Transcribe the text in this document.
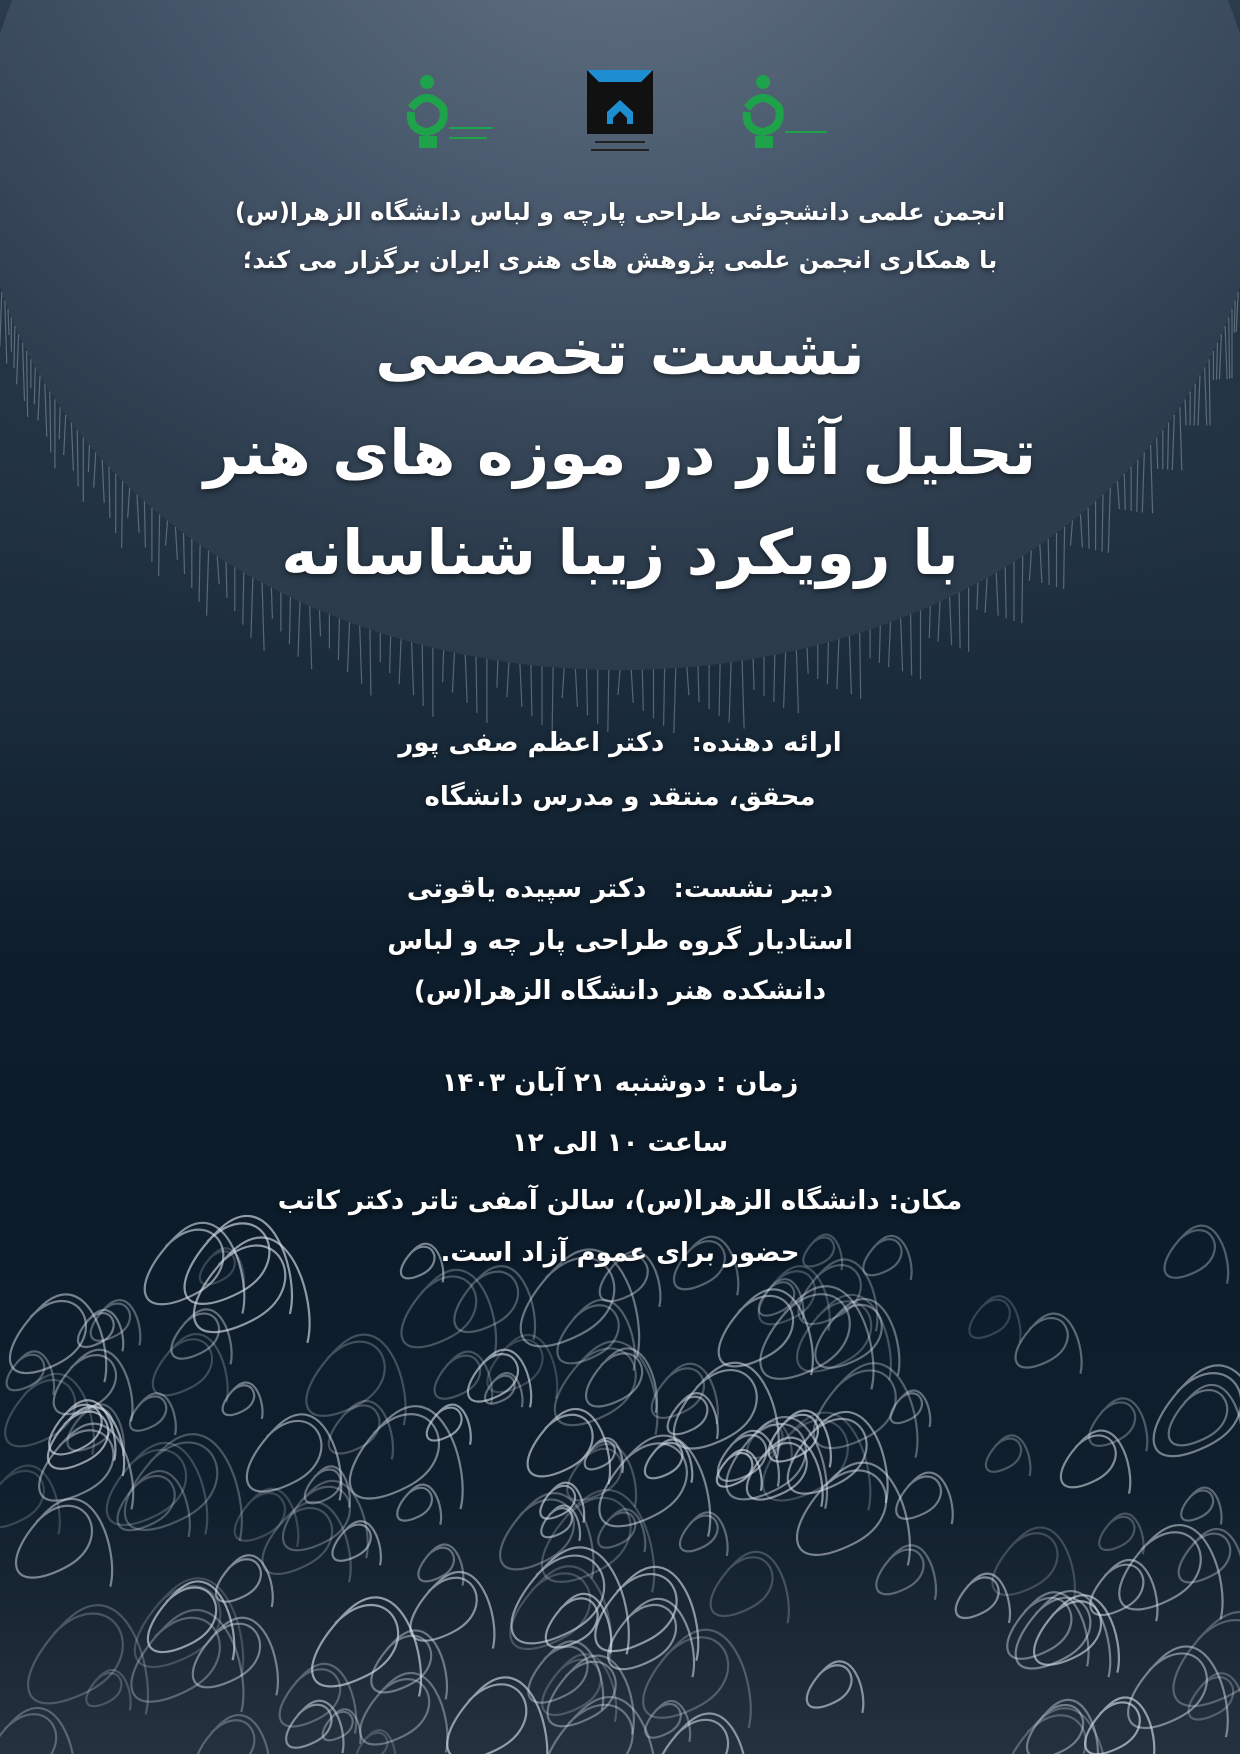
انجمن علمی دانشجوئی طراحی پارچه و لباس دانشگاه الزهرا(س)
با همکاری انجمن علمی پژوهش های هنری ایران برگزار می کند؛
نشست تخصصی
تحلیل آثار در موزه های هنر
با رویکرد زیبا شناسانه
ارائه دهنده:   دکتر اعظم صفی پور
محقق، منتقد و مدرس دانشگاه
دبیر نشست:   دکتر سپیده یاقوتی
استادیار گروه طراحی پار چه و لباس
دانشکده هنر دانشگاه الزهرا(س)
زمان : دوشنبه ۲۱ آبان ۱۴۰۳
ساعت ۱۰ الی ۱۲
مکان: دانشگاه الزهرا(س)، سالن آمفی تاتر دکتر کاتب
حضور برای عموم آزاد است.
